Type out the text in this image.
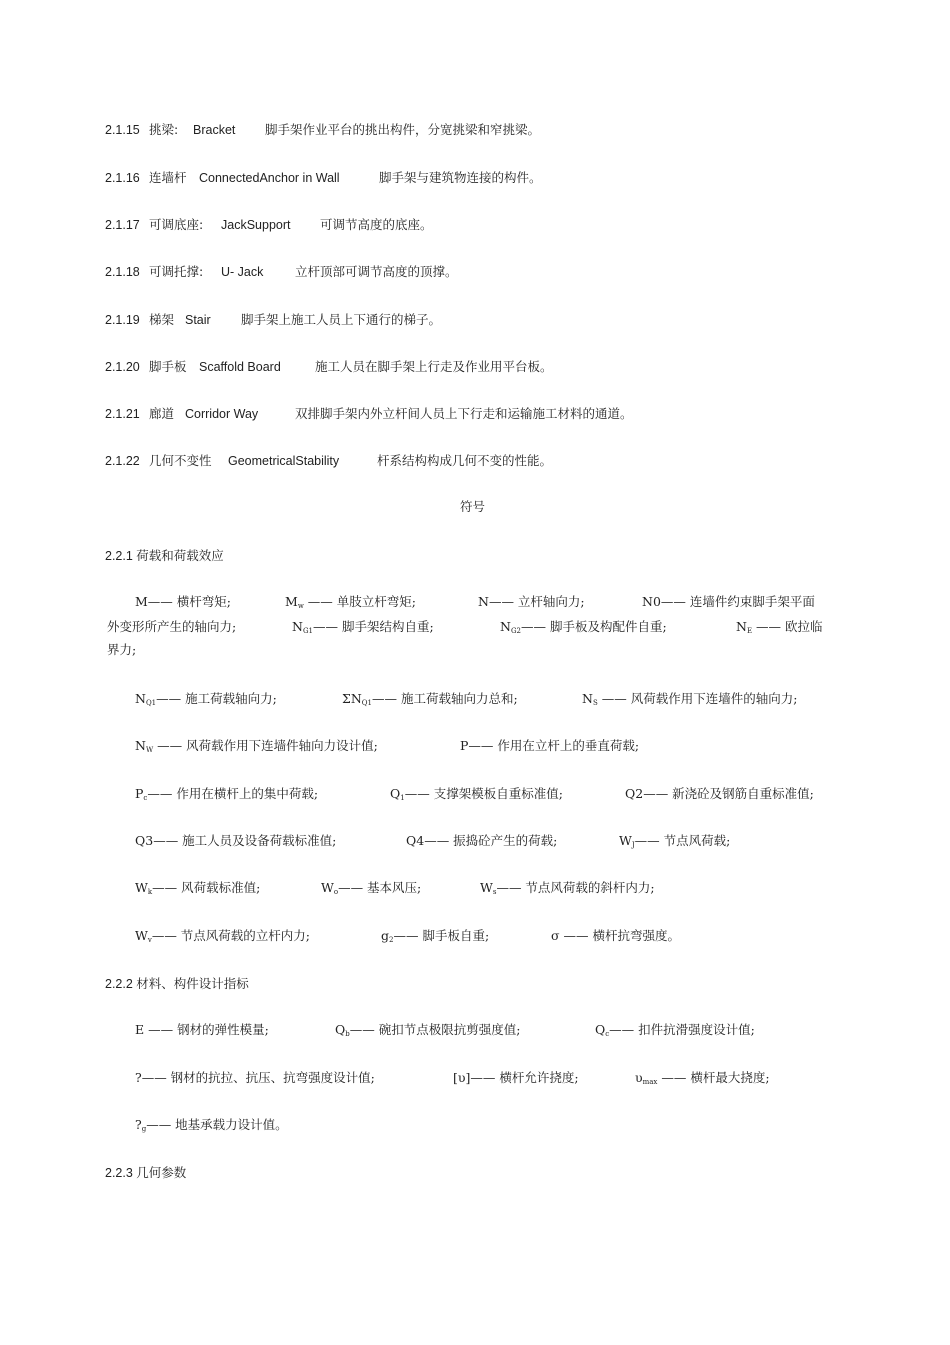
2.1.15 挑梁: Bracket 脚手架作业平台的挑出构件，分宽挑梁和窄挑梁。
2.1.16 连墙杆 ConnectedAnchor in Wall	脚手架与建筑物连接的构件。
2.1.17 可调底座: JackSupport 可调节高度的底座。
2.1.18 可调托撑: U- Jack	立杆顶部可调节高度的顶撑。
2.1.19 梯架 Stair 脚手架上施工人员上下通行的梯子。
2.1.20 脚手板 Scaffold Board	施工人员在脚手架上行走及作业用平台板。
2.1.21 廊道 Corridor Way	双排脚手架内外立杆间人员上下行走和运输施工材料的通道。
2.1.22 几何不变性 GeometricalStability	杆系结构构成几何不变的性能。
符号
2.2.1 荷载和荷载效应
M—— 横杆弯矩;	Mw —— 单肢立杆弯矩;	N—— 立杆轴向力;	N0—— 连墙件约束脚手架平面
外变形所产生的轴向力;	NG1—— 脚手架结构自重;	NG2—— 脚手板及构配件自重;	NE —— 欧拉临
界力;
NQ1—— 施工荷载轴向力;	ΣNQ1—— 施工荷载轴向力总和;	NS —— 风荷载作用下连墙件的轴向力;
NW —— 风荷载作用下连墙件轴向力设计值;	P—— 作用在立杆上的垂直荷载;
Pc—— 作用在横杆上的集中荷载;	Q1—— 支撑架模板自重标准值;	Q2—— 新浇砼及钢筋自重标准值;
Q3—— 施工人员及设备荷载标准值;	Q4—— 振捣砼产生的荷载;	WJ—— 节点风荷载;
Wk—— 风荷载标准值;	Wo—— 基本风压;	Ws—— 节点风荷载的斜杆内力;
Wv—— 节点风荷载的立杆内力;	g2—— 脚手板自重;	σ —— 横杆抗弯强度。
2.2.2 材料、构件设计指标
E —— 钢材的弹性模量;	Qb—— 碗扣节点极限抗剪强度值;	Qc—— 扣件抗滑强度设计值;
?—— 钢材的抗拉、抗压、抗弯强度设计值;	[υ]—— 横杆允许挠度;	υmax —— 横杆最大挠度;
?g—— 地基承载力设计值。
2.2.3 几何参数
